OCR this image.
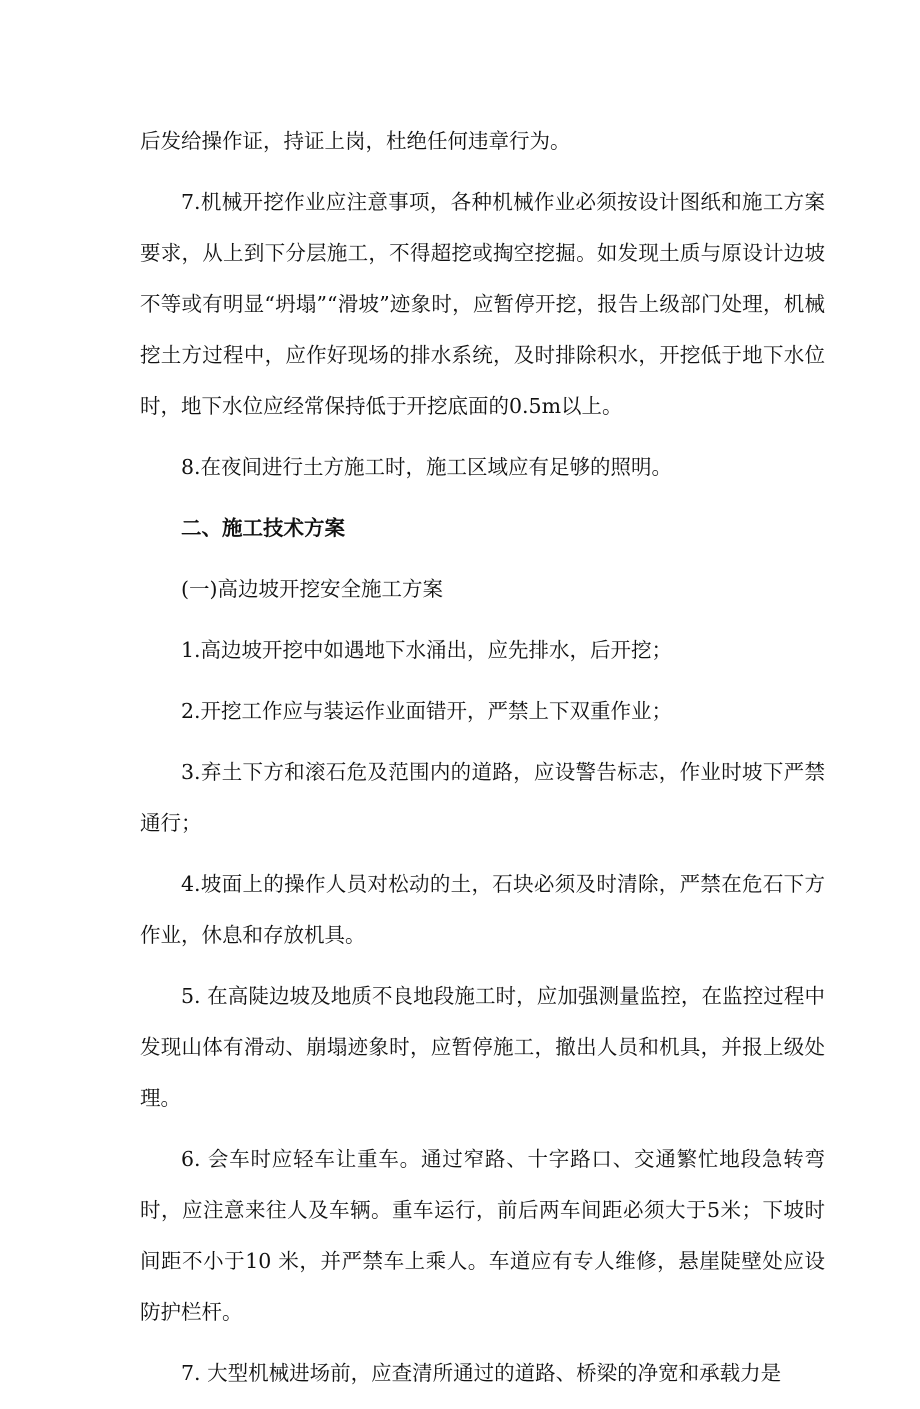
后发给操作证，持证上岗，杜绝任何违章行为。

7.机械开挖作业应注意事项，各种机械作业必须按设计图纸和施工方案要求，从上到下分层施工，不得超挖或掏空挖掘。如发现土质与原设计边坡不等或有明显“坍塌”“滑坡”迹象时，应暂停开挖，报告上级部门处理，机械挖土方过程中，应作好现场的排水系统，及时排除积水，开挖低于地下水位时，地下水位应经常保持低于开挖底面的0.5m以上。

8.在夜间进行土方施工时，施工区域应有足够的照明。

二、施工技术方案

(一)高边坡开挖安全施工方案

1.高边坡开挖中如遇地下水涌出，应先排水，后开挖；

2.开挖工作应与装运作业面错开，严禁上下双重作业；

3.弃土下方和滚石危及范围内的道路，应设警告标志，作业时坡下严禁通行；

4.坡面上的操作人员对松动的土，石块必须及时清除，严禁在危石下方作业，休息和存放机具。

5. 在高陡边坡及地质不良地段施工时，应加强测量监控，在监控过程中发现山体有滑动、崩塌迹象时，应暂停施工，撤出人员和机具，并报上级处理。

6. 会车时应轻车让重车。通过窄路、十字路口、交通繁忙地段急转弯时，应注意来往人及车辆。重车运行，前后两车间距必须大于5米；下坡时间距不小于10 米，并严禁车上乘人。车道应有专人维修，悬崖陡壁处应设防护栏杆。

7. 大型机械进场前，应查清所通过的道路、桥梁的净宽和承载力是
